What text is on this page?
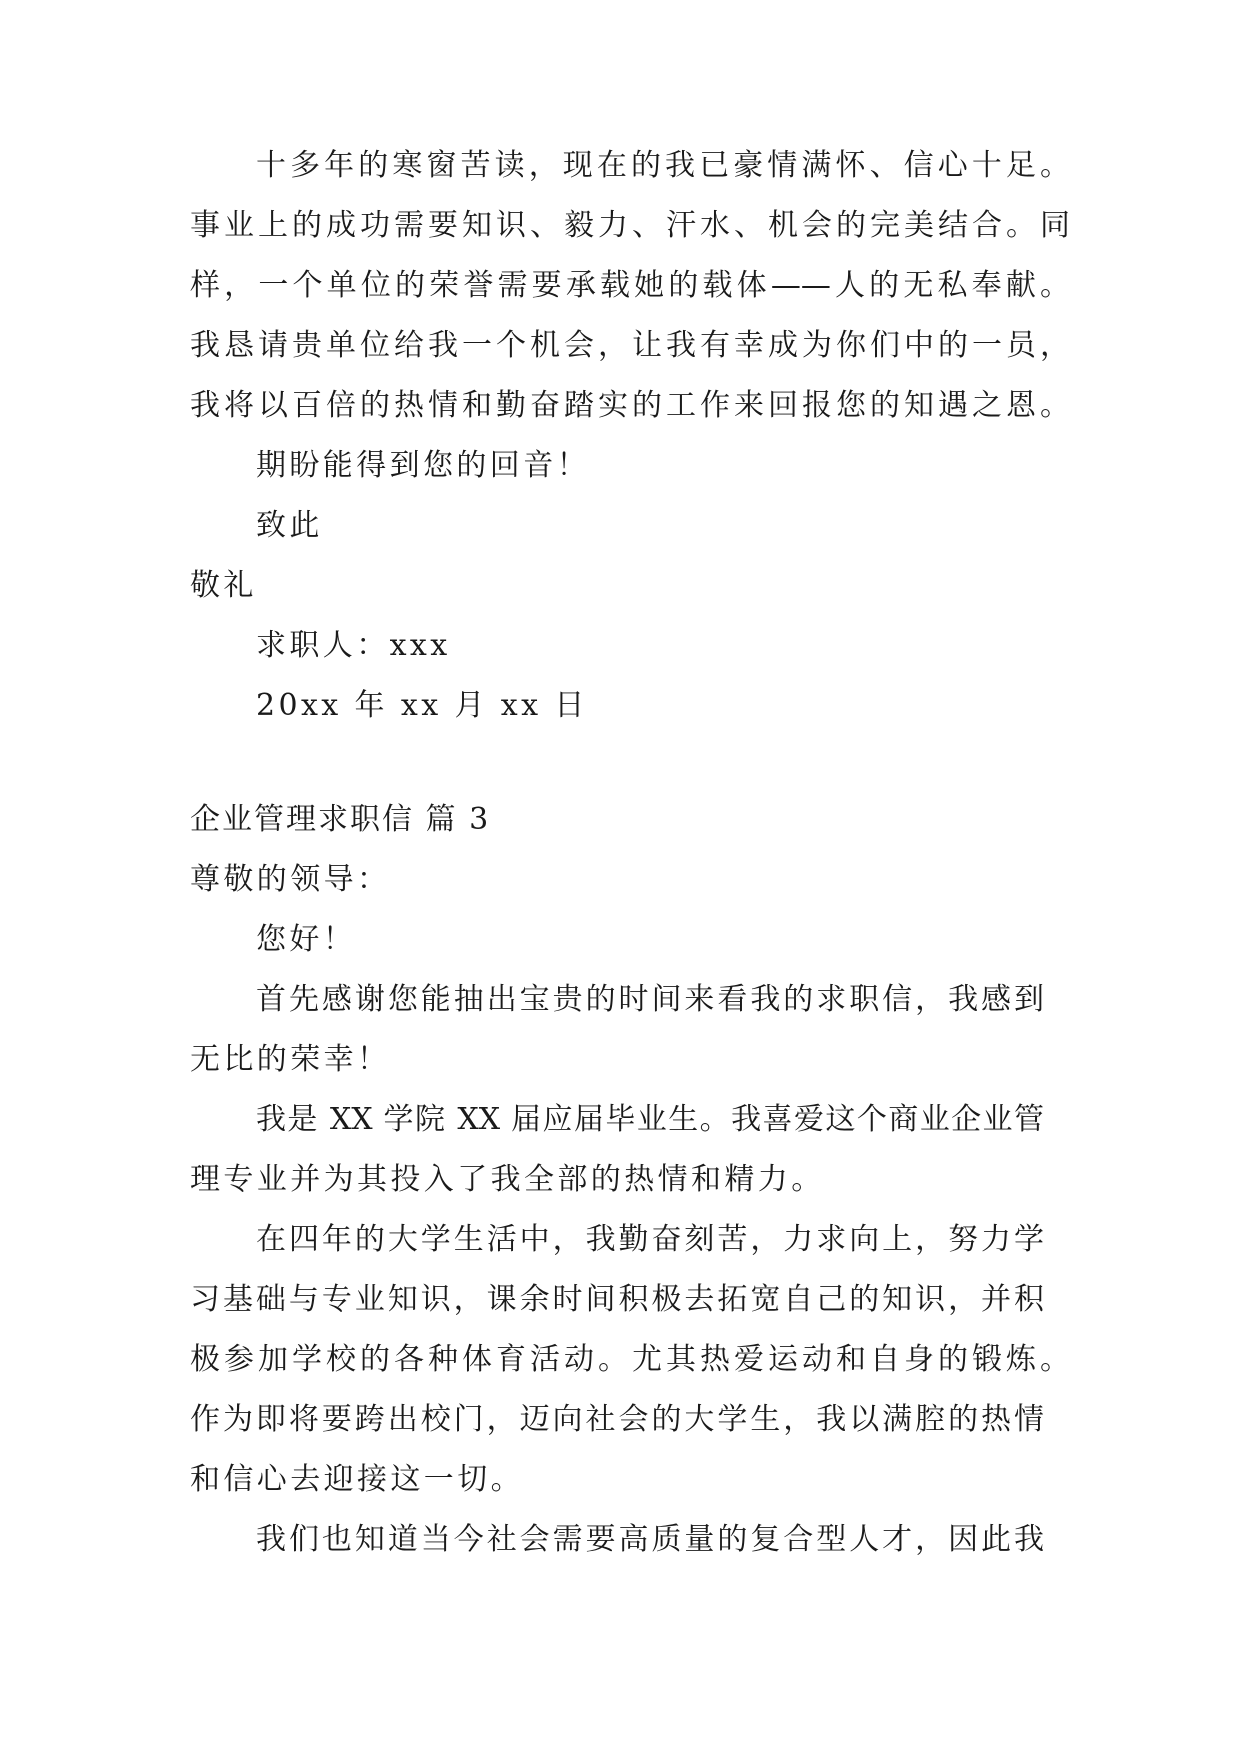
十多年的寒窗苦读，现在的我已豪情满怀、信心十足。
事业上的成功需要知识、毅力、汗水、机会的完美结合。同
样，一个单位的荣誉需要承载她的载体——人的无私奉献。
我恳请贵单位给我一个机会，让我有幸成为你们中的一员，
我将以百倍的热情和勤奋踏实的工作来回报您的知遇之恩。
期盼能得到您的回音！
致此
敬礼
求职人：xxx
20xx 年 xx 月 xx 日
企业管理求职信 篇 3
尊敬的领导：
您好！
首先感谢您能抽出宝贵的时间来看我的求职信，我感到
无比的荣幸！
我是 XX 学院 XX 届应届毕业生。我喜爱这个商业企业管
理专业并为其投入了我全部的热情和精力。
在四年的大学生活中，我勤奋刻苦，力求向上，努力学
习基础与专业知识，课余时间积极去拓宽自己的知识，并积
极参加学校的各种体育活动。尤其热爱运动和自身的锻炼。
作为即将要跨出校门，迈向社会的大学生，我以满腔的热情
和信心去迎接这一切。
我们也知道当今社会需要高质量的复合型人才，因此我
